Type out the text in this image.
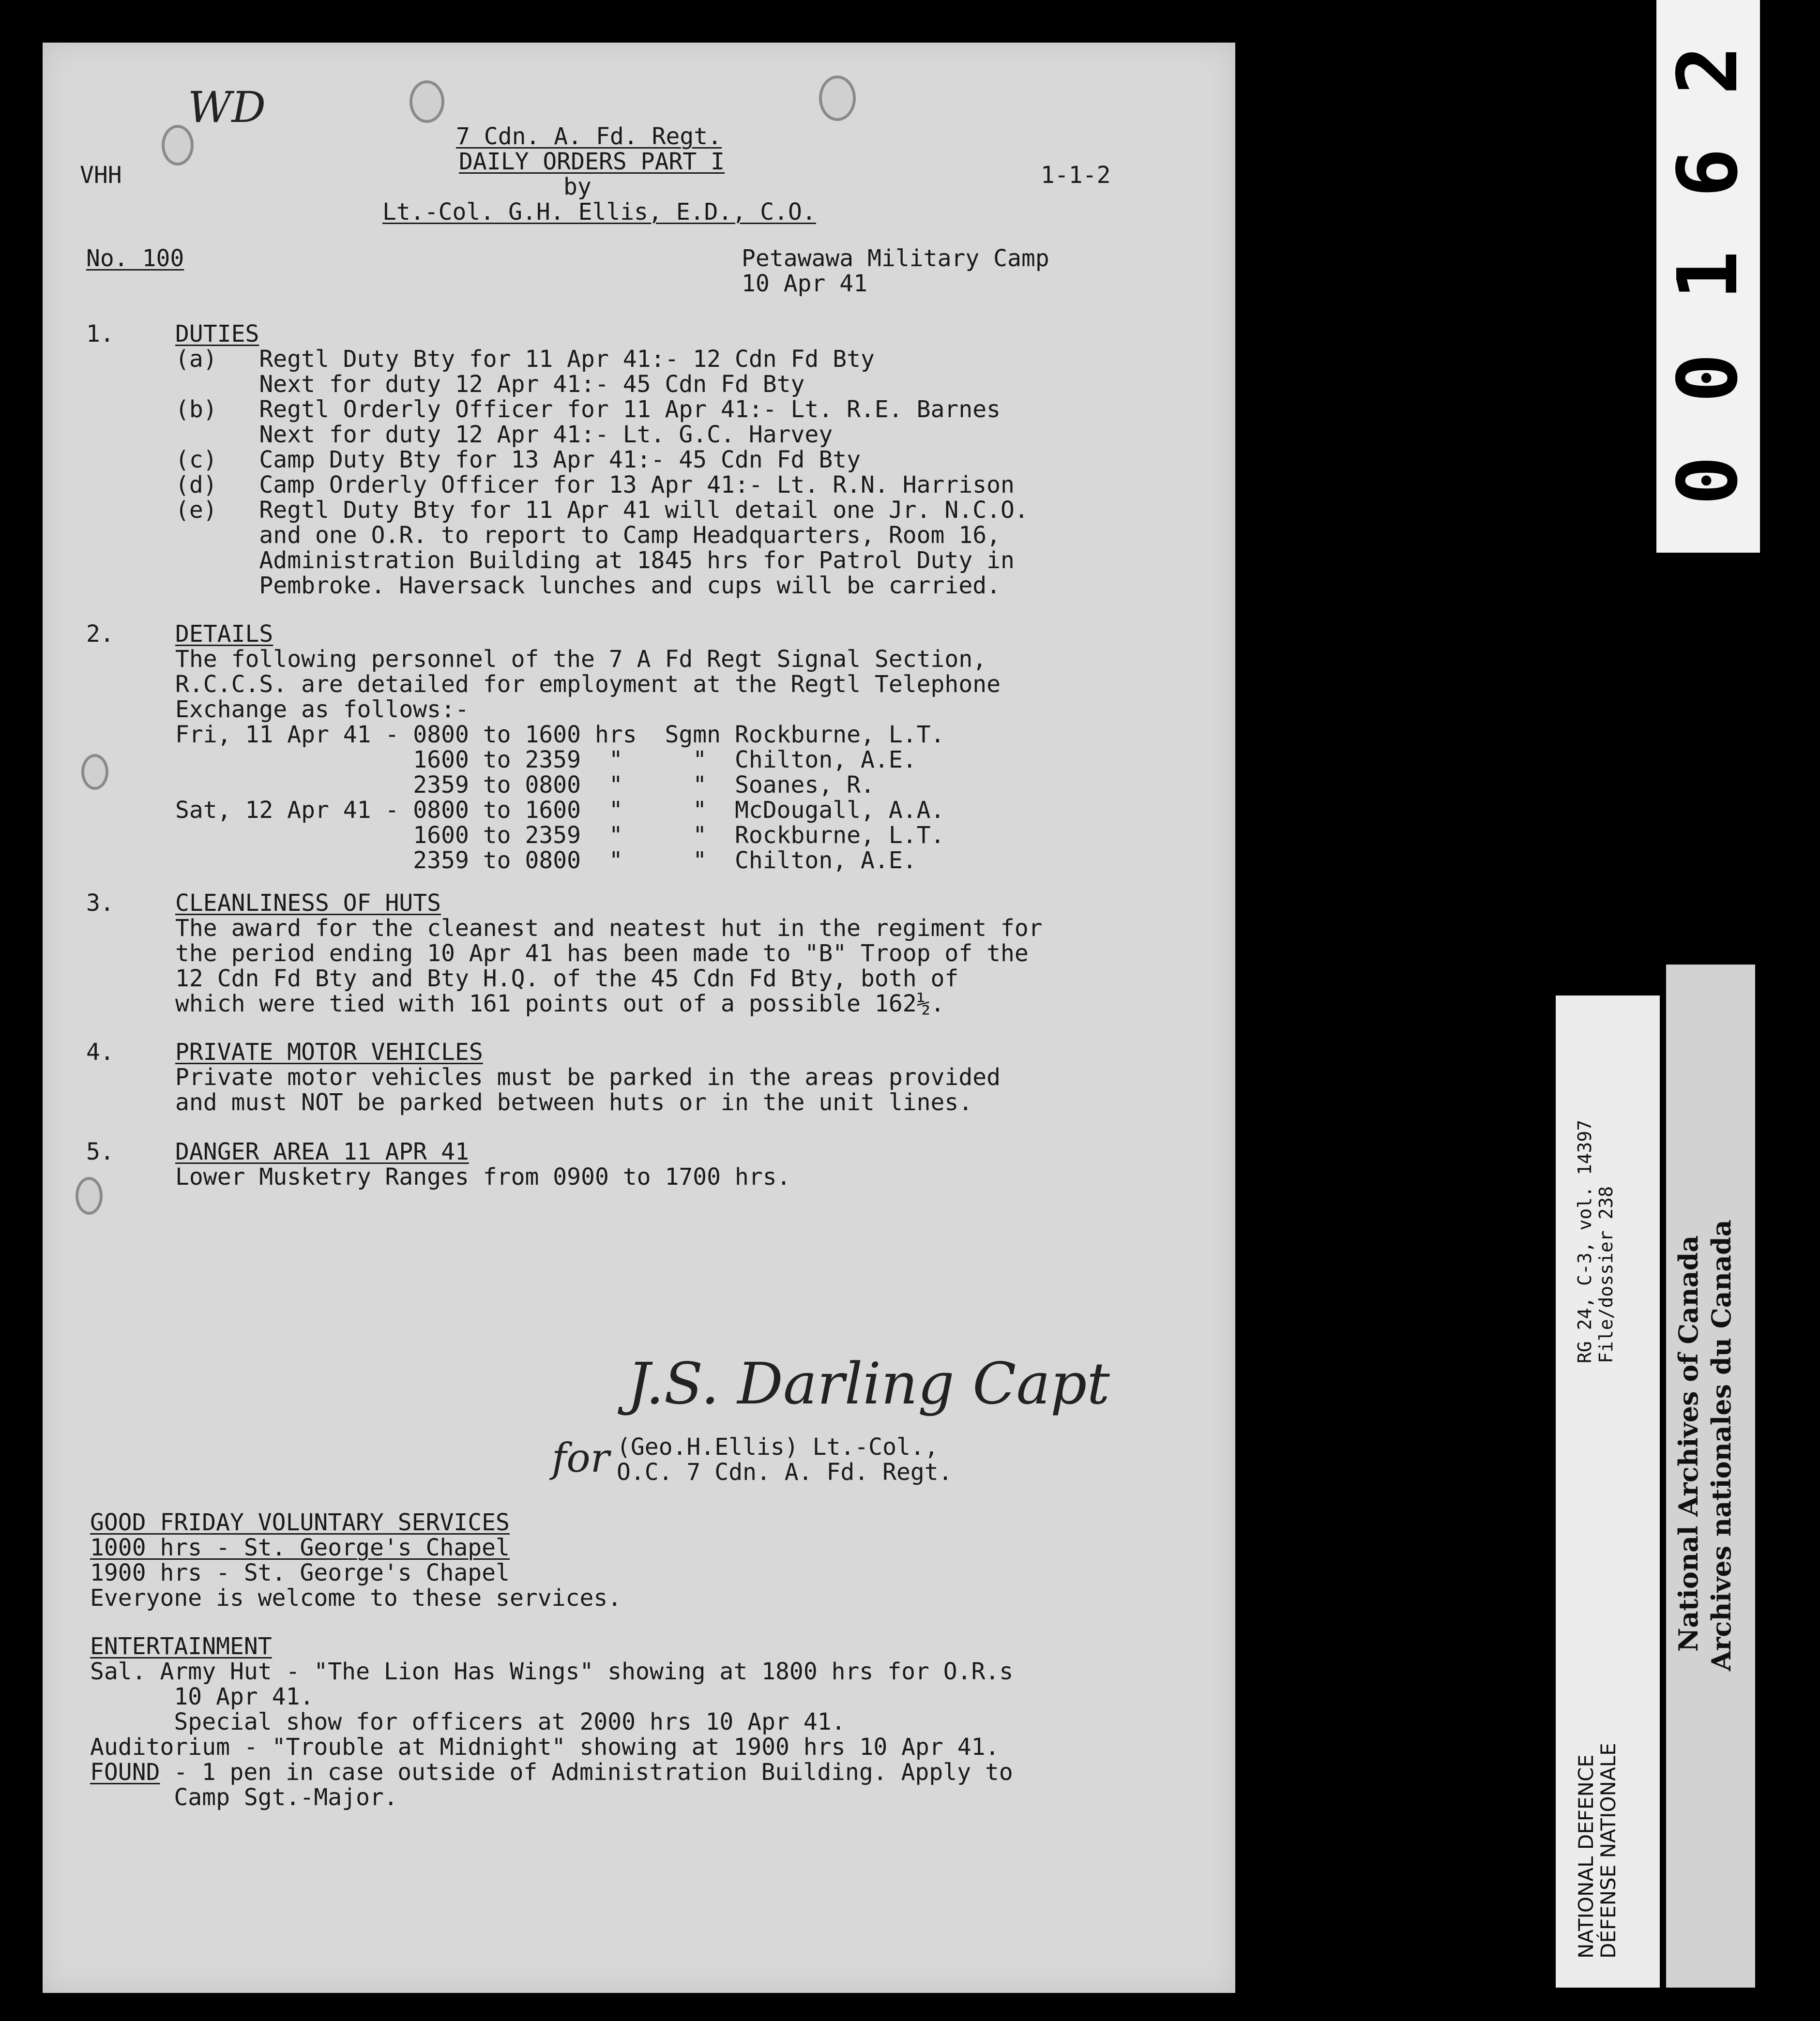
VHH
WD
7 Cdn. A. Fd. Regt.
DAILY ORDERS PART I
by
Lt.-Col. G.H. Ellis, E.D., C.O.
1-1-2
No. 100	Petawawa Military Camp
10 Apr 41
1.	DUTIES
(a)   Regtl Duty Bty for 11 Apr 41:- 12 Cdn Fd Bty
Next for duty 12 Apr 41:- 45 Cdn Fd Bty
(b)   Regtl Orderly Officer for 11 Apr 41:- Lt. R.E. Barnes
Next for duty 12 Apr 41:- Lt. G.C. Harvey
(c)   Camp Duty Bty for 13 Apr 41:- 45 Cdn Fd Bty
(d)   Camp Orderly Officer for 13 Apr 41:- Lt. R.N. Harrison
(e)   Regtl Duty Bty for 11 Apr 41 will detail one Jr. N.C.O.
and one O.R. to report to Camp Headquarters, Room 16,
Administration Building at 1845 hrs for Patrol Duty in
Pembroke. Haversack lunches and cups will be carried.
2.	DETAILS
The following personnel of the 7 A Fd Regt Signal Section,
R.C.C.S. are detailed for employment at the Regtl Telephone
Exchange as follows:-
Fri, 11 Apr 41 - 0800 to 1600 hrs  Sgmn Rockburne, L.T.
1600 to 2359  "     "  Chilton, A.E.
2359 to 0800  "     "  Soanes, R.
Sat, 12 Apr 41 - 0800 to 1600  "     "  McDougall, A.A.
1600 to 2359  "     "  Rockburne, L.T.
2359 to 0800  "     "  Chilton, A.E.
3.	CLEANLINESS OF HUTS
The award for the cleanest and neatest hut in the regiment for
the period ending 10 Apr 41 has been made to "B" Troop of the
12 Cdn Fd Bty and Bty H.Q. of the 45 Cdn Fd Bty, both of
which were tied with 161 points out of a possible 162½.
4.	PRIVATE MOTOR VEHICLES
Private motor vehicles must be parked in the areas provided
and must NOT be parked between huts or in the unit lines.
5.	DANGER AREA 11 APR 41
Lower Musketry Ranges from 0900 to 1700 hrs.
J.S. Darling Capt
for (Geo.H.Ellis) Lt.-Col.,
O.C. 7 Cdn. A. Fd. Regt.
GOOD FRIDAY VOLUNTARY SERVICES
1000 hrs - St. George's Chapel
1900 hrs - St. George's Chapel
Everyone is welcome to these services.
ENTERTAINMENT
Sal. Army Hut - "The Lion Has Wings" showing at 1800 hrs for O.R.s
10 Apr 41.
Special show for officers at 2000 hrs 10 Apr 41.
Auditorium - "Trouble at Midnight" showing at 1900 hrs 10 Apr 41.
FOUND - 1 pen in case outside of Administration Building. Apply to
Camp Sgt.-Major.
2
6
1
0
0
RG 24, C-3, vol. 14397 File/dossier 238
NATIONAL DEFENCE
DÉFENSE NATIONALE
National Archives of Canada Archives nationales du Canada
